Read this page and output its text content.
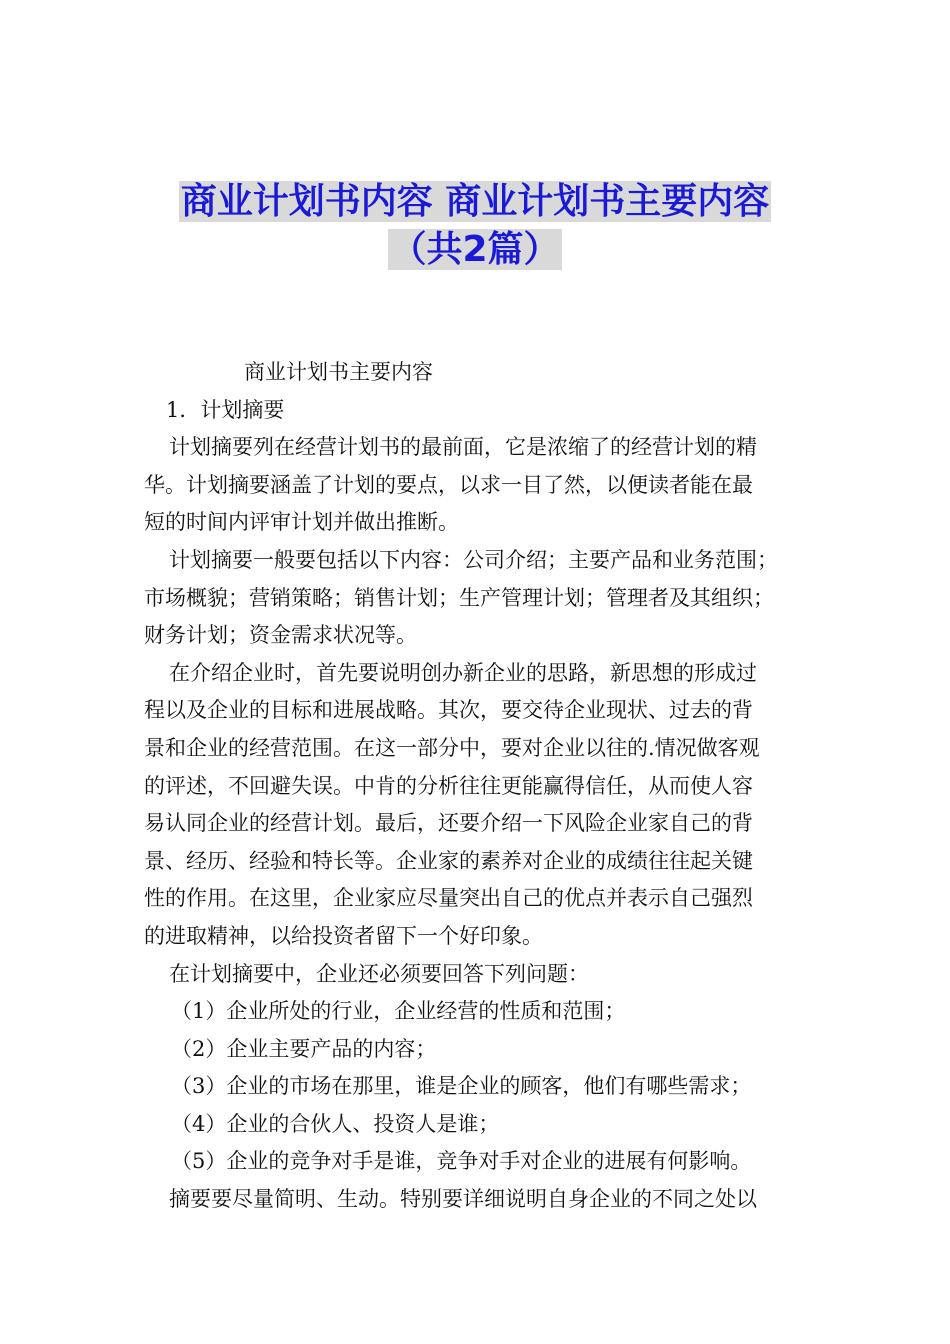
商业计划书内容 商业计划书主要内容
（共2篇）
商业计划书主要内容
1．计划摘要
计划摘要列在经营计划书的最前面，它是浓缩了的经营计划的精
华。计划摘要涵盖了计划的要点，以求一目了然，以便读者能在最
短的时间内评审计划并做出推断。
计划摘要一般要包括以下内容：公司介绍；主要产品和业务范围；
市场概貌；营销策略；销售计划；生产管理计划；管理者及其组织；
财务计划；资金需求状况等。
在介绍企业时，首先要说明创办新企业的思路，新思想的形成过
程以及企业的目标和进展战略。其次，要交待企业现状、过去的背
景和企业的经营范围。在这一部分中，要对企业以往的.情况做客观
的评述，不回避失误。中肯的分析往往更能赢得信任，从而使人容
易认同企业的经营计划。最后，还要介绍一下风险企业家自己的背
景、经历、经验和特长等。企业家的素养对企业的成绩往往起关键
性的作用。在这里，企业家应尽量突出自己的优点并表示自己强烈
的进取精神，以给投资者留下一个好印象。
在计划摘要中，企业还必须要回答下列问题：
（1）企业所处的行业，企业经营的性质和范围；
（2）企业主要产品的内容；
（3）企业的市场在那里，谁是企业的顾客，他们有哪些需求；
（4）企业的合伙人、投资人是谁；
（5）企业的竞争对手是谁，竞争对手对企业的进展有何影响。
摘要要尽量简明、生动。特别要详细说明自身企业的不同之处以
